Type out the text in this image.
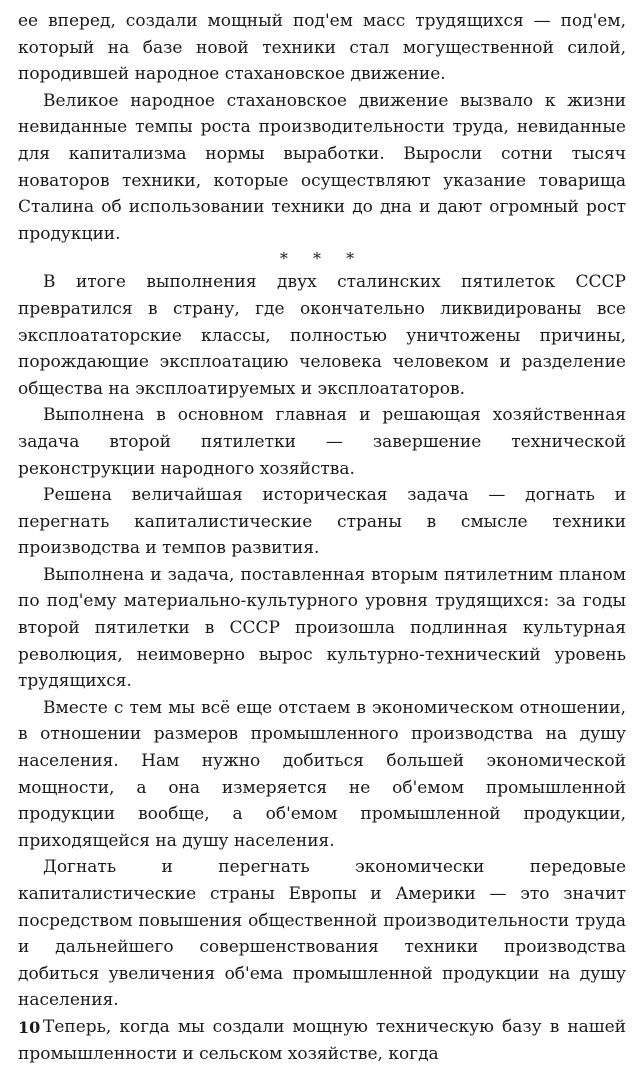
ее вперед, создали мощный под'ем масс трудящихся — под'ем, который на базе новой техники стал могущественной силой, породившей народное стахановское движение.

Великое народное стахановское движение вызвало к жизни невиданные темпы роста производительности труда, невиданные для капитализма нормы выработки. Выросли сотни тысяч новаторов техники, которые осуществляют указание товарища Сталина об использовании техники до дна и дают огромный рост продукции.

* * *

В итоге выполнения двух сталинских пятилеток СССР превратился в страну, где окончательно ликвидированы все эксплоататорские классы, полностью уничтожены причины, порождающие эксплоатацию человека человеком и разделение общества на эксплоатируемых и эксплоататоров.

Выполнена в основном главная и решающая хозяйственная задача второй пятилетки — завершение технической реконструкции народного хозяйства.

Решена величайшая историческая задача — догнать и перегнать капиталистические страны в смысле техники производства и темпов развития.

Выполнена и задача, поставленная вторым пятилетним планом по под'ему материально-культурного уровня трудящихся: за годы второй пятилетки в СССР произошла подлинная культурная революция, неимоверно вырос культурно-технический уровень трудящихся.

Вместе с тем мы всё еще отстаем в экономическом отношении, в отношении размеров промышленного производства на душу населения. Нам нужно добиться большей экономической мощности, а она измеряется не об'емом промышленной продукции вообще, а об'емом промышленной продукции, приходящейся на душу населения.

Догнать и перегнать экономически передовые капиталистические страны Европы и Америки — это значит посредством повышения общественной производительности труда и дальнейшего совершенствования техники производства добиться увеличения об'ема промышленной продукции на душу населения.

Теперь, когда мы создали мощную техническую базу в нашей промышленности и сельском хозяйстве, когда

10
